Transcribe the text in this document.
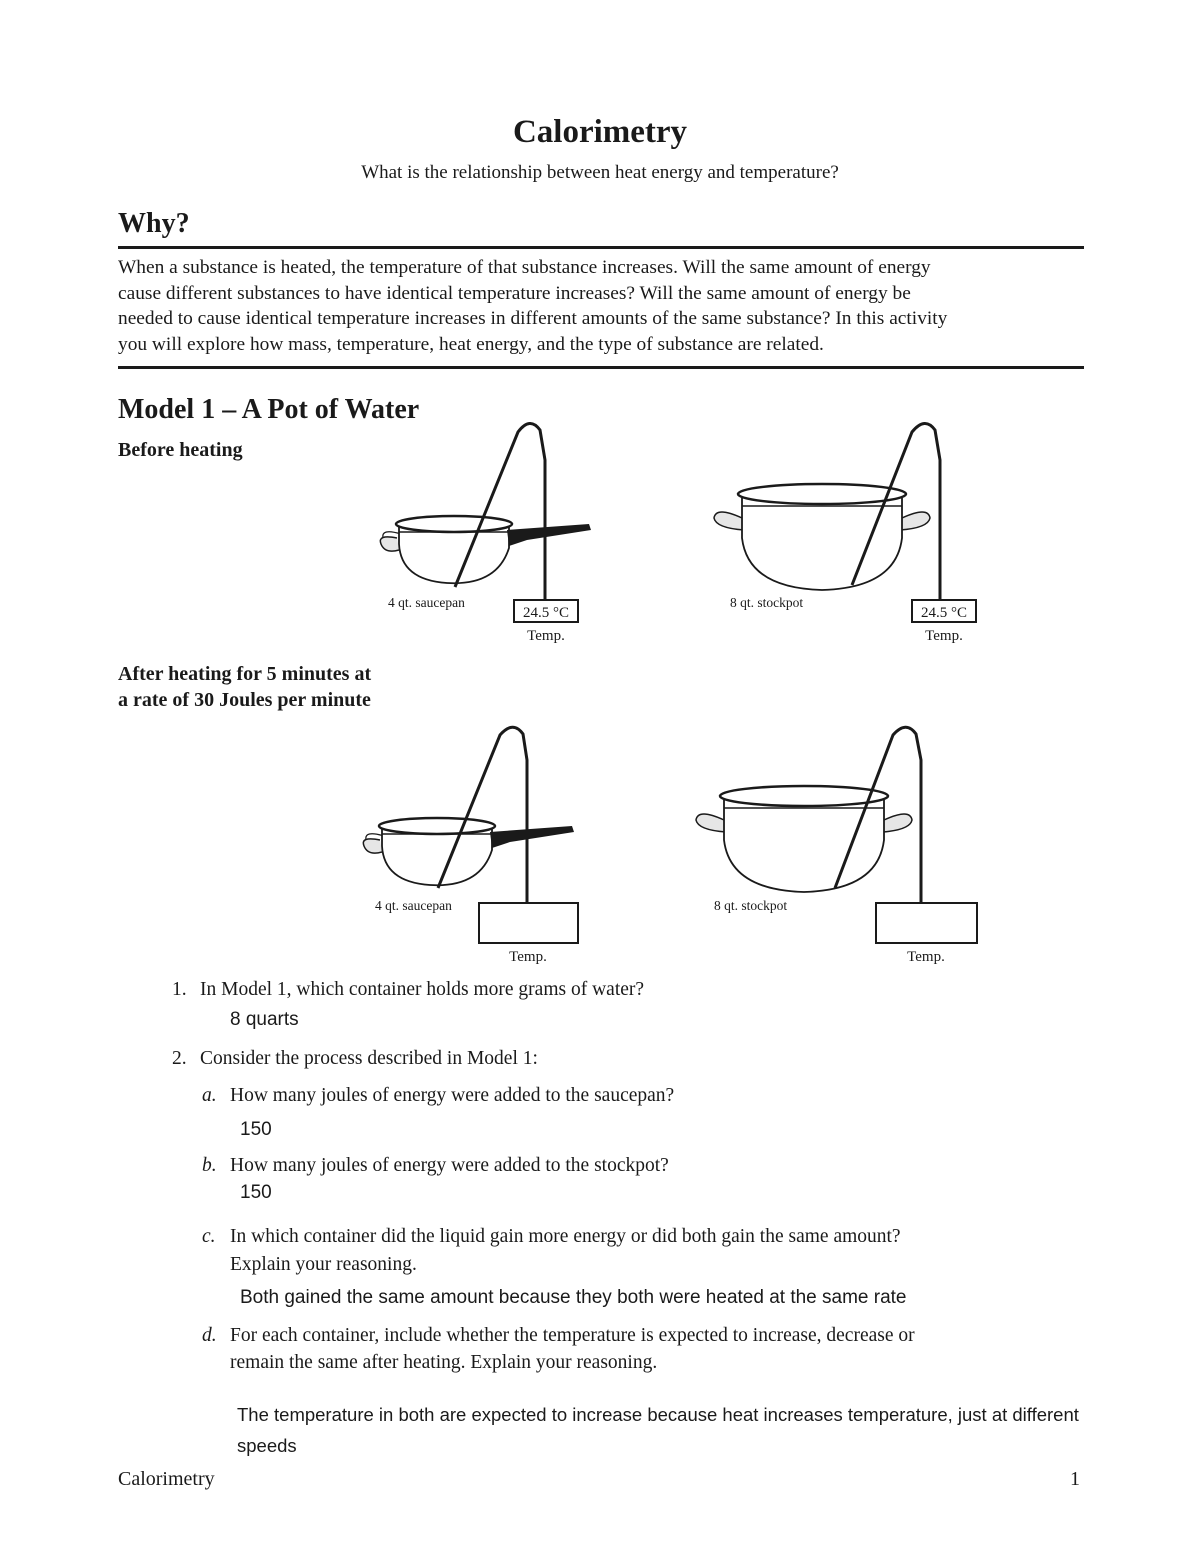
Calorimetry
What is the relationship between heat energy and temperature?
Why?
When a substance is heated, the temperature of that substance increases. Will the same amount of energy
cause different substances to have identical temperature increases? Will the same amount of energy be
needed to cause identical temperature increases in different amounts of the same substance? In this activity
you will explore how mass, temperature, heat energy, and the type of substance are related.
Model 1 – A Pot of Water
Before heating
After heating for 5 minutes at
a rate of 30 Joules per minute
4 qt. saucepan
24.5 °C
Temp.
8 qt. stockpot
24.5 °C
Temp.
4 qt. saucepan
Temp.
8 qt. stockpot
Temp.
1. In Model 1, which container holds more grams of water?
8 quarts
2. Consider the process described in Model 1:
a. How many joules of energy were added to the saucepan?
150
b. How many joules of energy were added to the stockpot?
150
c. In which container did the liquid gain more energy or did both gain the same amount?
Explain your reasoning.
Both gained the same amount because they both were heated at the same rate
d. For each container, include whether the temperature is expected to increase, decrease or
remain the same after heating. Explain your reasoning.
The temperature in both are expected to increase because heat increases temperature, just at different
speeds
Calorimetry	1
